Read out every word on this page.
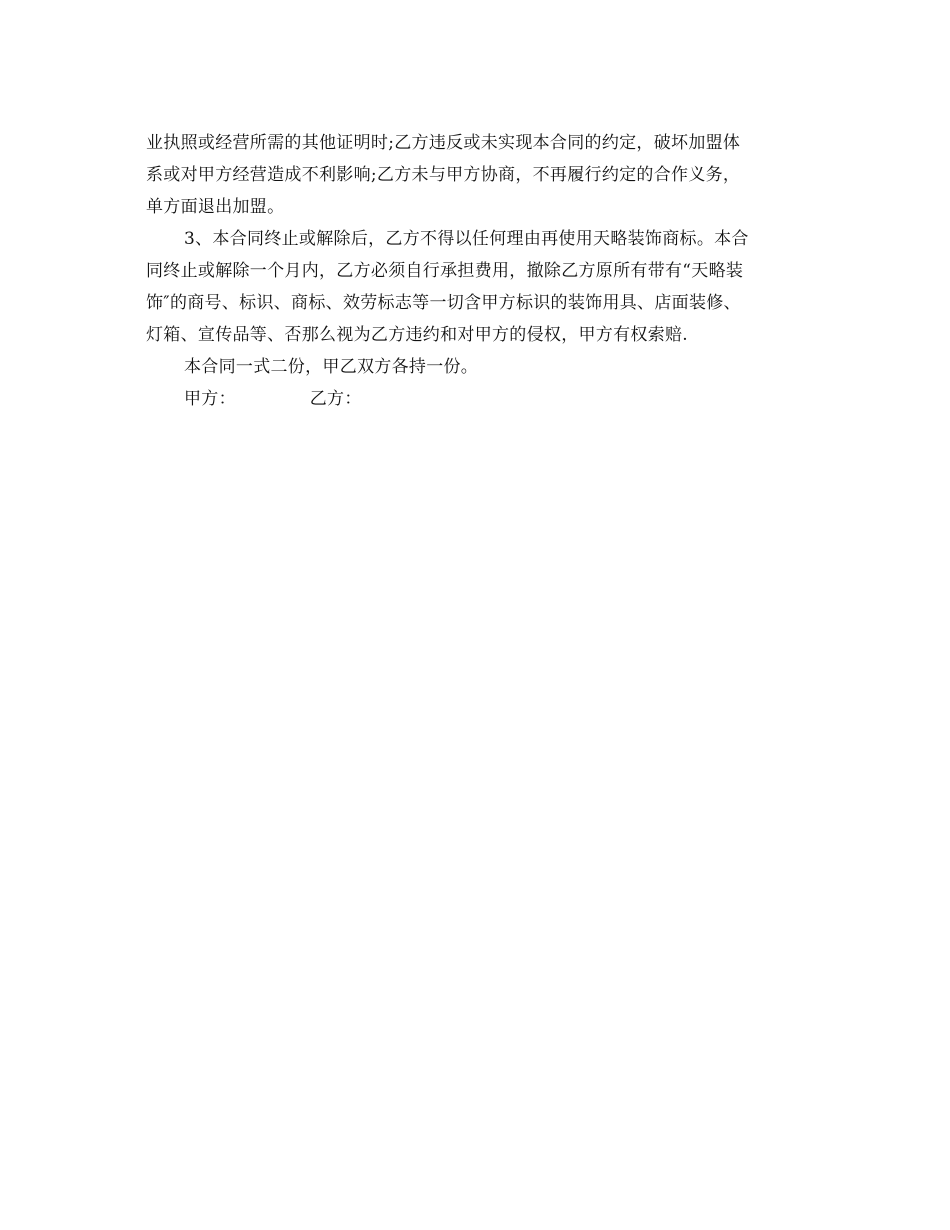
业执照或经营所需的其他证明时;乙方违反或未实现本合同的约定，破坏加盟体
系或对甲方经营造成不利影响;乙方未与甲方协商，不再履行约定的合作义务，
单方面退出加盟。
3、本合同终止或解除后，乙方不得以任何理由再使用天略装饰商标。本合
同终止或解除一个月内，乙方必须自行承担费用，撤除乙方原所有带有“天略装
饰″的商号、标识、商标、效劳标志等一切含甲方标识的装饰用具、店面装修、
灯箱、宣传品等、否那么视为乙方违约和对甲方的侵权，甲方有权索赔.
本合同一式二份，甲乙双方各持一份。
甲方：	乙方：
